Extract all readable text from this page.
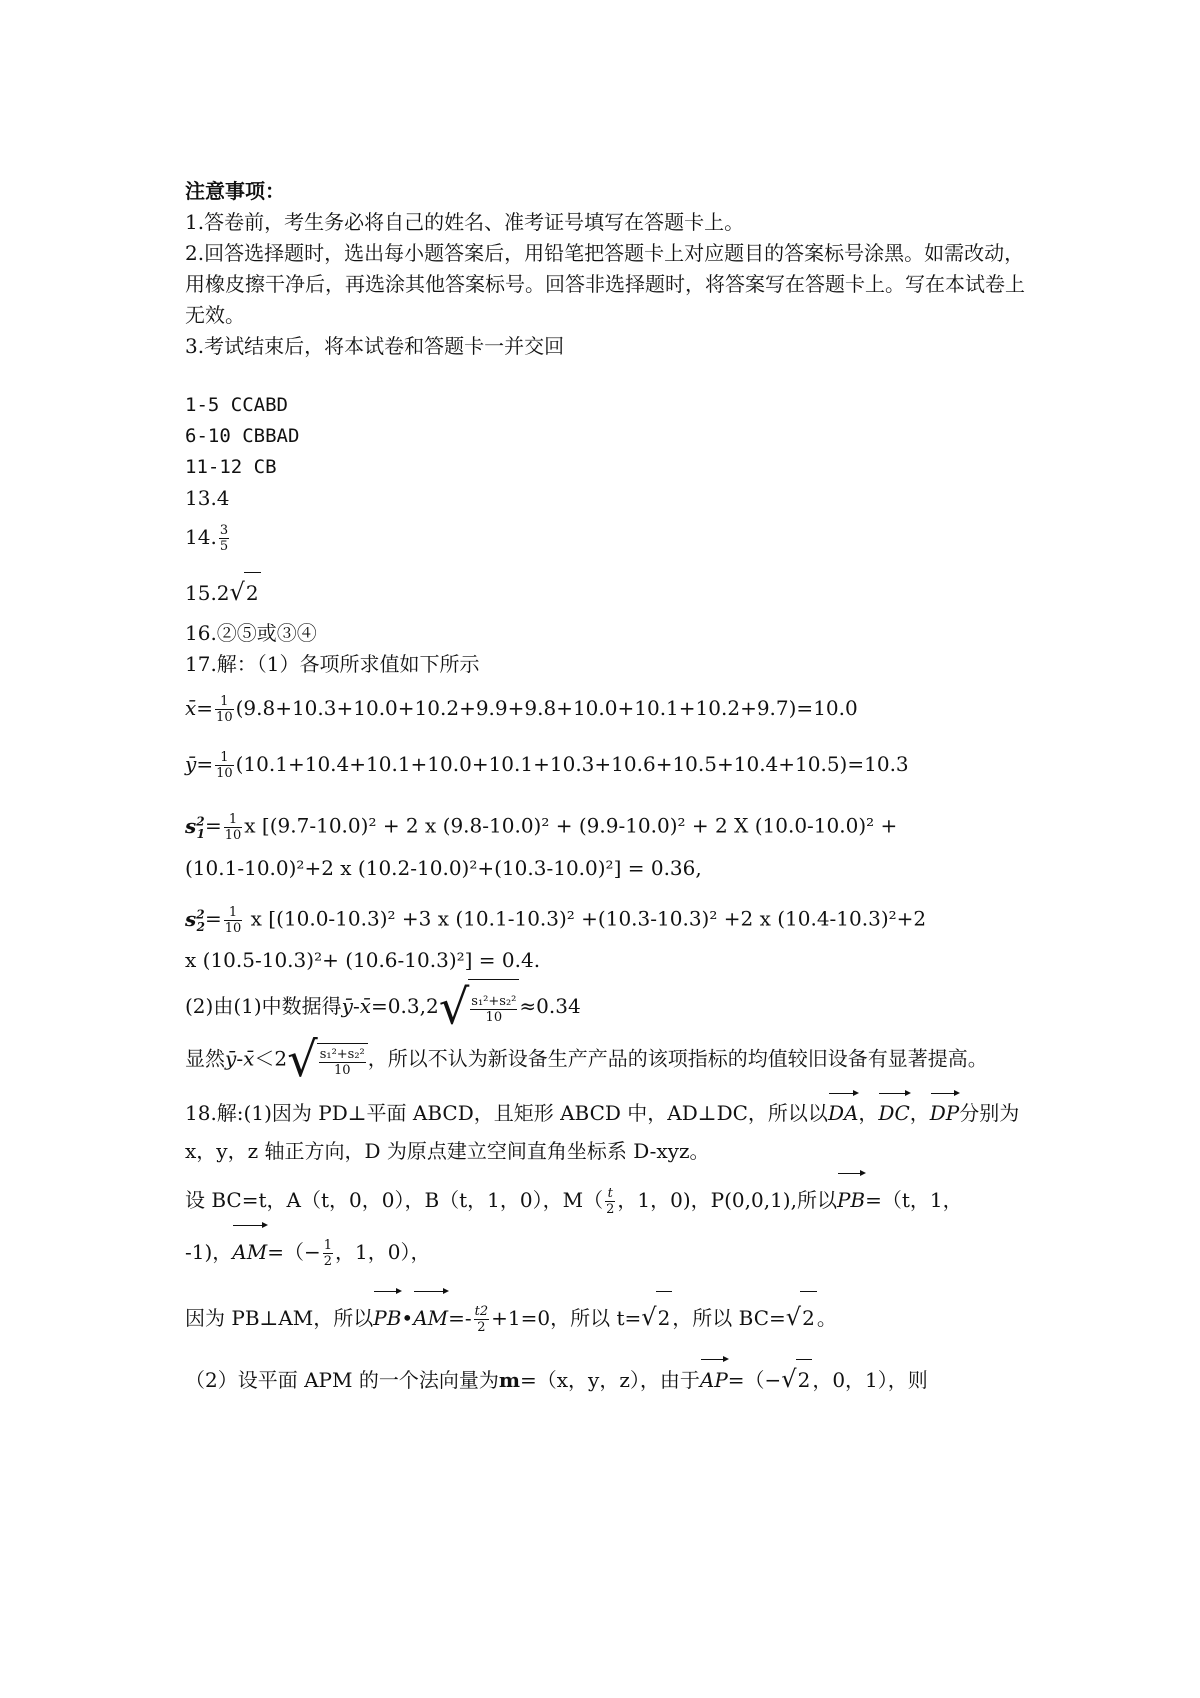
注意事项：
1.答卷前，考生务必将自己的姓名、准考证号填写在答题卡上。
2.回答选择题时，选出每小题答案后，用铅笔把答题卡上对应题目的答案标号涂黑。如需改动，用橡皮擦干净后，再选涂其他答案标号。回答非选择题时，将答案写在答题卡上。写在本试卷上无效。
3.考试结束后，将本试卷和答题卡一并交回
1-5 CCABD
6-10 CBBAD
11-12 CB
13.4
14. $\frac{3}{5}$
15.2√2
16.②⑤或③④
17.解：（1）各项所求值如下所示
x̄= $\frac{1}{10} (9.8+10.3+10.0+10.2+9.9+9.8+10.0+10.1+10.2+9.7)=10.0$
ȳ= $\frac{1}{10} (10.1+10.4+10.1+10.0+10.1+10.3+10.6+10.5+10.4+10.5)=10.3$
$s^2_1= \frac{1}{10}$ x [(9.7-10.0)² + 2 x (9.8-10.0)² + (9.9-10.0)² + 2 X (10.0-10.0)² +
(10.1-10.0)²+2 x (10.2-10.0)²+(10.3-10.0)²] = 0.36,
$s^2_2= \frac{1}{10}$ x [(10.0-10.3)² +3 x (10.1-10.3)² +(10.3-10.3)² +2 x (10.4-10.3)²+2
x (10.5-10.3)²+ (10.6-10.3)²] = 0.4.
(2)由(1)中数据得ȳ-x̄=0.3,2√ $\frac{\text{s₁²+s₂²}}{10} \approx 0.34$
显然ȳ-x̄＜2√ $\frac{\text{s₁²+s₂²}}{10}$ ，所以不认为新设备生产产品的该项指标的均值较旧设备有显著提高。
18.解:(1)因为 PD⊥平面 ABCD，且矩形 ABCD 中，AD⊥DC，所以以DA，DC，DP分别为 x，y，z 轴正方向，D 为原点建立空间直角坐标系 D-xyz。
设 BC=t，A（t，0，0），B（t，1，0），$M( \frac{t}{2}$ ，1，0)，P(0,0,1),所以PB=（t，1，
-1)，$AM=(- \frac{1}{2}$ ，1，0），
因为 PB⊥AM，所以PB•AM=- $\frac{t2}{2} +1=0$，所以 t=√2 ，所以 BC=√2 。
（2）设平面 APM 的一个法向量为m=（x，y，z），由于AP=（−√2 ，0，1），则
